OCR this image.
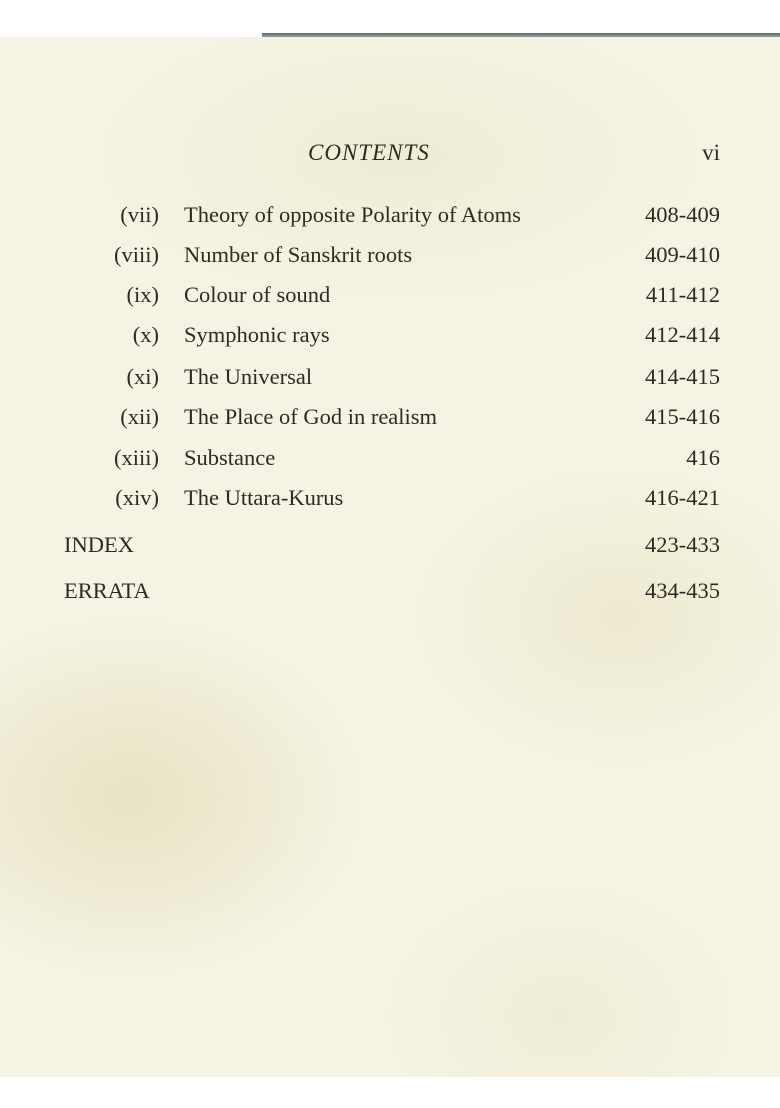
CONTENTS	vi
(vii) Theory of opposite Polarity of Atoms	408-409
(viii) Number of Sanskrit roots	409-410
(ix) Colour of sound	411-412
(x) Symphonic rays	412-414
(xi) The Universal	414-415
(xii) The Place of God in realism	415-416
(xiii) Substance	416
(xiv) The Uttara-Kurus	416-421
INDEX	423-433
ERRATA	434-435
